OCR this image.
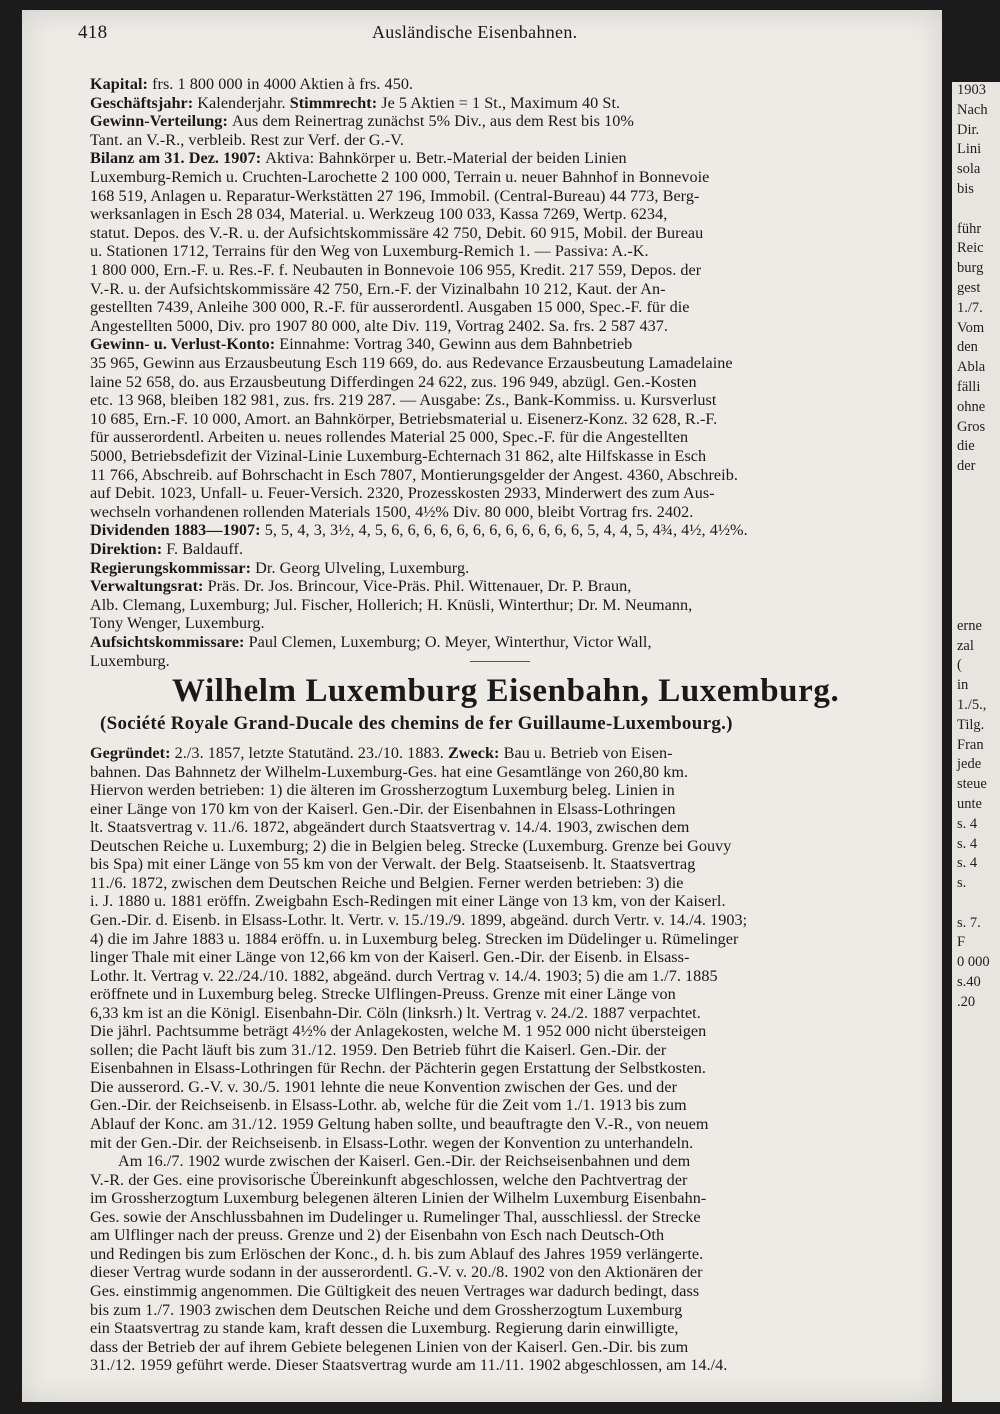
418	Ausländische Eisenbahnen.
Kapital: frs. 1 800 000 in 4000 Aktien à frs. 450.
Geschäftsjahr: Kalenderjahr. Stimmrecht: Je 5 Aktien = 1 St., Maximum 40 St.
Gewinn-Verteilung: Aus dem Reinertrag zunächst 5% Div., aus dem Rest bis 10%
Tant. an V.-R., verbleib. Rest zur Verf. der G.-V.
Bilanz am 31. Dez. 1907: Aktiva: Bahnkörper u. Betr.-Material der beiden Linien
Luxemburg-Remich u. Cruchten-Larochette 2 100 000, Terrain u. neuer Bahnhof in Bonnevoie
168 519, Anlagen u. Reparatur-Werkstätten 27 196, Immobil. (Central-Bureau) 44 773, Berg-
werksanlagen in Esch 28 034, Material. u. Werkzeug 100 033, Kassa 7269, Wertp. 6234,
statut. Depos. des V.-R. u. der Aufsichtskommissäre 42 750, Debit. 60 915, Mobil. der Bureau
u. Stationen 1712, Terrains für den Weg von Luxemburg-Remich 1. — Passiva: A.-K.
1 800 000, Ern.-F. u. Res.-F. f. Neubauten in Bonnevoie 106 955, Kredit. 217 559, Depos. der
V.-R. u. der Aufsichtskommissäre 42 750, Ern.-F. der Vizinalbahn 10 212, Kaut. der An-
gestellten 7439, Anleihe 300 000, R.-F. für ausserordentl. Ausgaben 15 000, Spec.-F. für die
Angestellten 5000, Div. pro 1907 80 000, alte Div. 119, Vortrag 2402. Sa. frs. 2 587 437.
Gewinn- u. Verlust-Konto: Einnahme: Vortrag 340, Gewinn aus dem Bahnbetrieb
35 965, Gewinn aus Erzausbeutung Esch 119 669, do. aus Redevance Erzausbeutung Lamadelaine
laine 52 658, do. aus Erzausbeutung Differdingen 24 622, zus. 196 949, abzügl. Gen.-Kosten
etc. 13 968, bleiben 182 981, zus. frs. 219 287. — Ausgabe: Zs., Bank-Kommiss. u. Kursverlust
10 685, Ern.-F. 10 000, Amort. an Bahnkörper, Betriebsmaterial u. Eisenerz-Konz. 32 628, R.-F.
für ausserordentl. Arbeiten u. neues rollendes Material 25 000, Spec.-F. für die Angestellten
5000, Betriebsdefizit der Vizinal-Linie Luxemburg-Echternach 31 862, alte Hilfskasse in Esch
11 766, Abschreib. auf Bohrschacht in Esch 7807, Montierungsgelder der Angest. 4360, Abschreib.
auf Debit. 1023, Unfall- u. Feuer-Versich. 2320, Prozesskosten 2933, Minderwert des zum Aus-
wechseln vorhandenen rollenden Materials 1500, 4½% Div. 80 000, bleibt Vortrag frs. 2402.
Dividenden 1883—1907: 5, 5, 4, 3, 3½, 4, 5, 6, 6, 6, 6, 6, 6, 6, 6, 6, 6, 6, 6, 5, 4, 4, 5, 4¾, 4½, 4½%.
Direktion: F. Baldauff.
Regierungskommissar: Dr. Georg Ulveling, Luxemburg.
Verwaltungsrat: Präs. Dr. Jos. Brincour, Vice-Präs. Phil. Wittenauer, Dr. P. Braun,
Alb. Clemang, Luxemburg; Jul. Fischer, Hollerich; H. Knüsli, Winterthur; Dr. M. Neumann,
Tony Wenger, Luxemburg.
Aufsichtskommissare: Paul Clemen, Luxemburg; O. Meyer, Winterthur, Victor Wall,
Luxemburg.
Wilhelm Luxemburg Eisenbahn, Luxemburg.
(Société Royale Grand-Ducale des chemins de fer Guillaume-Luxembourg.)
Gegründet: 2./3. 1857, letzte Statutänd. 23./10. 1883. Zweck: Bau u. Betrieb von Eisen-
bahnen. Das Bahnnetz der Wilhelm-Luxemburg-Ges. hat eine Gesamtlänge von 260,80 km.
Hiervon werden betrieben: 1) die älteren im Grossherzogtum Luxemburg beleg. Linien in
einer Länge von 170 km von der Kaiserl. Gen.-Dir. der Eisenbahnen in Elsass-Lothringen
lt. Staatsvertrag v. 11./6. 1872, abgeändert durch Staatsvertrag v. 14./4. 1903, zwischen dem
Deutschen Reiche u. Luxemburg; 2) die in Belgien beleg. Strecke (Luxemburg. Grenze bei Gouvy
bis Spa) mit einer Länge von 55 km von der Verwalt. der Belg. Staatseisenb. lt. Staatsvertrag
11./6. 1872, zwischen dem Deutschen Reiche und Belgien. Ferner werden betrieben: 3) die
i. J. 1880 u. 1881 eröffn. Zweigbahn Esch-Redingen mit einer Länge von 13 km, von der Kaiserl.
Gen.-Dir. d. Eisenb. in Elsass-Lothr. lt. Vertr. v. 15./19./9. 1899, abgeänd. durch Vertr. v. 14./4. 1903;
4) die im Jahre 1883 u. 1884 eröffn. u. in Luxemburg beleg. Strecken im Düdelinger u. Rümelinger
linger Thale mit einer Länge von 12,66 km von der Kaiserl. Gen.-Dir. der Eisenb. in Elsass-
Lothr. lt. Vertrag v. 22./24./10. 1882, abgeänd. durch Vertrag v. 14./4. 1903; 5) die am 1./7. 1885
eröffnete und in Luxemburg beleg. Strecke Ulflingen-Preuss. Grenze mit einer Länge von
6,33 km ist an die Königl. Eisenbahn-Dir. Cöln (linksrh.) lt. Vertrag v. 24./2. 1887 verpachtet.
Die jährl. Pachtsumme beträgt 4½% der Anlagekosten, welche M. 1 952 000 nicht übersteigen
sollen; die Pacht läuft bis zum 31./12. 1959. Den Betrieb führt die Kaiserl. Gen.-Dir. der
Eisenbahnen in Elsass-Lothringen für Rechn. der Pächterin gegen Erstattung der Selbstkosten.
Die ausserord. G.-V. v. 30./5. 1901 lehnte die neue Konvention zwischen der Ges. und der
Gen.-Dir. der Reichseisenb. in Elsass-Lothr. ab, welche für die Zeit vom 1./1. 1913 bis zum
Ablauf der Konc. am 31./12. 1959 Geltung haben sollte, und beauftragte den V.-R., von neuem
mit der Gen.-Dir. der Reichseisenb. in Elsass-Lothr. wegen der Konvention zu unterhandeln.
Am 16./7. 1902 wurde zwischen der Kaiserl. Gen.-Dir. der Reichseisenbahnen und dem
V.-R. der Ges. eine provisorische Übereinkunft abgeschlossen, welche den Pachtvertrag der
im Grossherzogtum Luxemburg belegenen älteren Linien der Wilhelm Luxemburg Eisenbahn-
Ges. sowie der Anschlussbahnen im Dudelinger u. Rumelinger Thal, ausschliessl. der Strecke
am Ulflinger nach der preuss. Grenze und 2) der Eisenbahn von Esch nach Deutsch-Oth
und Redingen bis zum Erlöschen der Konc., d. h. bis zum Ablauf des Jahres 1959 verlängerte.
dieser Vertrag wurde sodann in der ausserordentl. G.-V. v. 20./8. 1902 von den Aktionären der
Ges. einstimmig angenommen. Die Gültigkeit des neuen Vertrages war dadurch bedingt, dass
bis zum 1./7. 1903 zwischen dem Deutschen Reiche und dem Grossherzogtum Luxemburg
ein Staatsvertrag zu stande kam, kraft dessen die Luxemburg. Regierung darin einwilligte,
dass der Betrieb der auf ihrem Gebiete belegenen Linien von der Kaiserl. Gen.-Dir. bis zum
31./12. 1959 geführt werde. Dieser Staatsvertrag wurde am 11./11. 1902 abgeschlossen, am 14./4.
1903
Nach
Dir.
Lini
sola
bis
führ
Reic
burg
gest
1./7.
Vom
den
Abla
fälli
ohne
Gros
die
der
erne
zal
(
in
1./5.,
Tilg.
Fran
jede
steue
unte
s. 4
s. 4
s. 4
s.
s. 7.
F
0 000
s.40
.20
